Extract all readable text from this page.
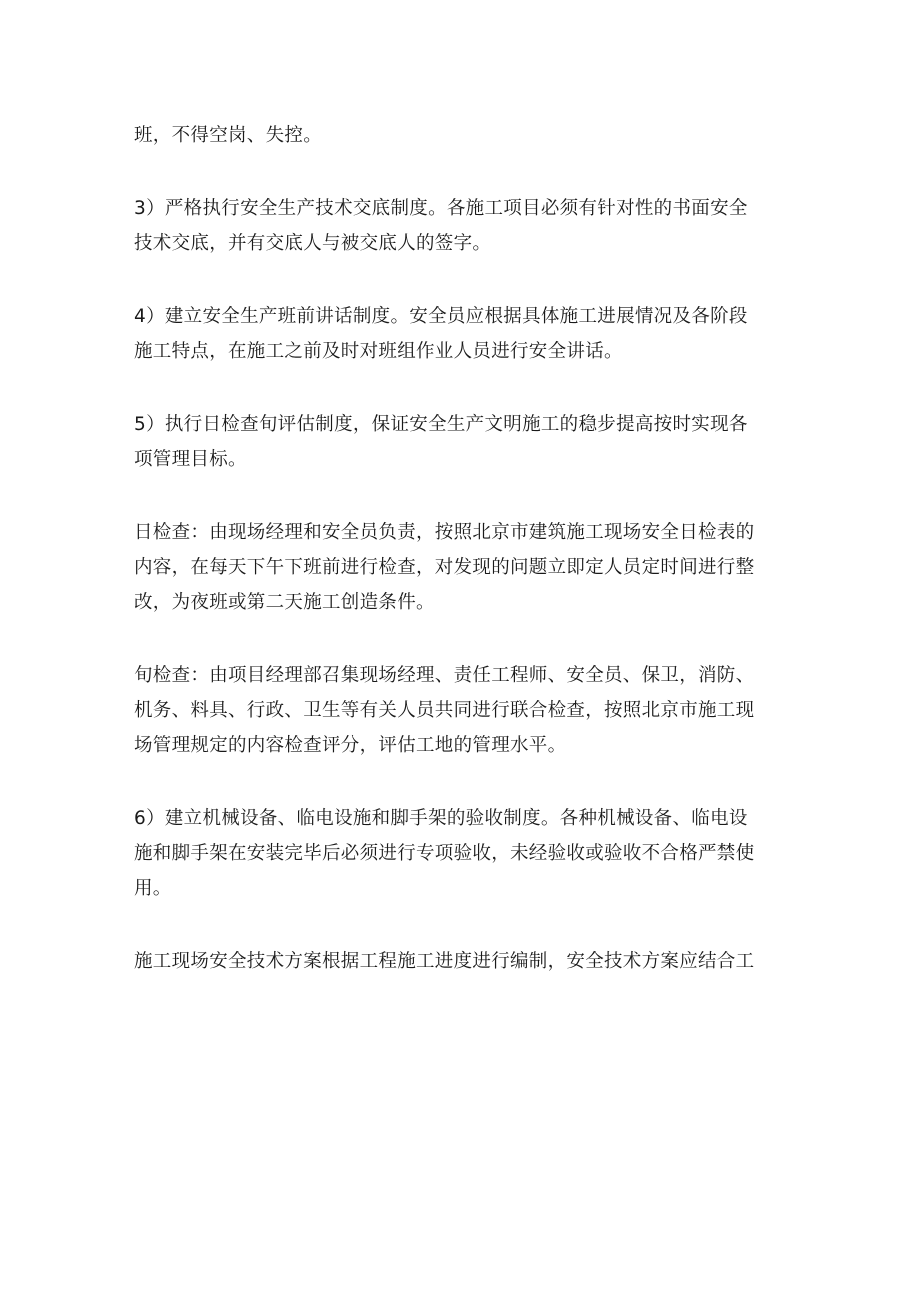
班，不得空岗、失控。

3）严格执行安全生产技术交底制度。各施工项目必须有针对性的书面安全
技术交底，并有交底人与被交底人的签字。

4）建立安全生产班前讲话制度。安全员应根据具体施工进展情况及各阶段
施工特点，在施工之前及时对班组作业人员进行安全讲话。

5）执行日检查旬评估制度，保证安全生产文明施工的稳步提高按时实现各
项管理目标。

日检查：由现场经理和安全员负责，按照北京市建筑施工现场安全日检表的
内容，在每天下午下班前进行检查，对发现的问题立即定人员定时间进行整
改，为夜班或第二天施工创造条件。

旬检查：由项目经理部召集现场经理、责任工程师、安全员、保卫，消防、
机务、料具、行政、卫生等有关人员共同进行联合检查，按照北京市施工现
场管理规定的内容检查评分，评估工地的管理水平。

6）建立机械设备、临电设施和脚手架的验收制度。各种机械设备、临电设
施和脚手架在安装完毕后必须进行专项验收，未经验收或验收不合格严禁使
用。

施工现场安全技术方案根据工程施工进度进行编制，安全技术方案应结合工
